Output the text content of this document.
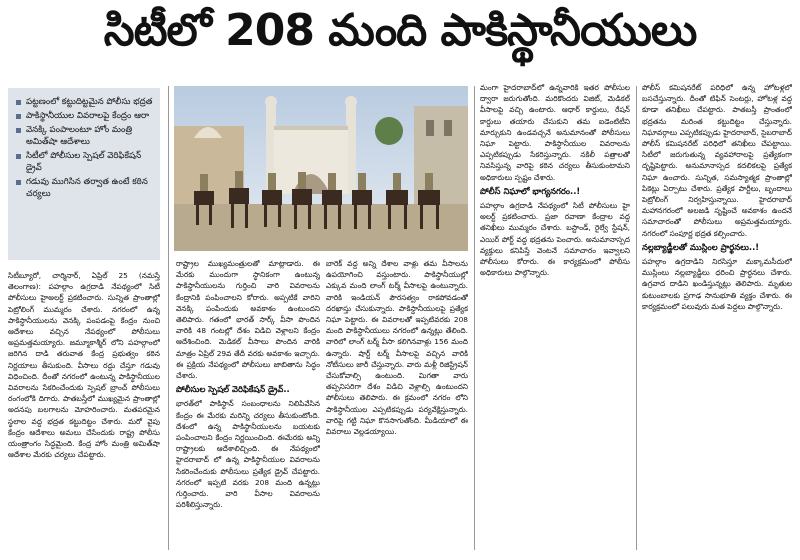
సిటీలో 208 మంది పాకిస్థానీయులు
పట్టణంలో కట్టుదిట్టమైన పోలీసు భద్రత
పాకిస్థానీయుల వివరాలపై కేంద్రం ఆరా
వెనక్కి పంపాలంటూ హోం మంత్రి అమిత్‌షా ఆదేశాలు
సిటీలో పోలీసుల స్పెషల్ వెరిఫికేషన్ డ్రైవ్
గడువు ముగిసిన తర్వాత ఉంటే కఠిన చర్యలు

సిటీబ్యూరో, చార్మినార్, ఏప్రిల్ 25 (నమస్తే తెలంగాణ): పహల్గాం ఉగ్రదాడి నేపథ్యంలో సిటీ పోలీసులు హైఅలర్ట్ ప్రకటించారు. సున్నిత ప్రాంతాల్లో పెట్రోలింగ్ ముమ్మరం చేశారు. నగరంలో ఉన్న పాకిస్థానీయులను వెనక్కి పంపడంపై కేంద్రం నుంచి ఆదేశాలు వచ్చిన నేపథ్యంలో పోలీసులు అప్రమత్తమయ్యారు. జమ్మూకాశ్మీర్ లోని పహల్గాంలో జరిగిన దాడి తరువాత కేంద్ర ప్రభుత్వం కఠిన నిర్ణయాలు తీసుకుంది. వీసాలు రద్దు చేస్తూ గడువు విధించింది. దీంతో నగరంలో ఉంటున్న పాకిస్థానీయుల వివరాలను సేకరించేందుకు స్పెషల్ బ్రాంచ్ పోలీసులు రంగంలోకి దిగారు. పాతబస్తీలో ముఖ్యమైన ప్రాంతాల్లో అదనపు బలగాలను మోహరించారు. మతపరమైన స్థలాల వద్ద భద్రత కట్టుదిట్టం చేశారు. మరో వైపు కేంద్రం ఆదేశాలు అమలు చేసేందుకు రాష్ట్ర పోలీసు యంత్రాంగం సిద్ధమైంది. కేంద్ర హోం మంత్రి అమిత్‌షా ఆదేశాల మేరకు చర్యలు చేపట్టారు.

రాష్ట్రాల ముఖ్యమంత్రులతో మాట్లాడారు. ఈ మేరకు ముందుగా స్థానికంగా ఉంటున్న పాకిస్థానీయులను గుర్తించి వారి వివరాలను కేంద్రానికి పంపించాలని కోరారు. అప్పటికే వారిని వెనక్కి పంపేందుకు అవకాశం ఉంటుందని తెలిపారు. గతంలో భారత్ సార్క్ వీసా పొందిన వారికి 48 గంటల్లో దేశం విడిచి వెళ్లాలని కేంద్రం ఆదేశించింది. మెడికల్ వీసాలు పొందిన వారికి మాత్రం ఏప్రిల్ 29వ తేదీ వరకు అవకాశం ఇచ్చారు. ఈ ప్రక్రియ నేపథ్యంలో పోలీసులు జాబితాను సిద్ధం చేశారు.

పోలీసుల స్పెషల్ వెరిఫికేషన్ డ్రైవ్..

భారత్‌లో పాకిస్థాన్ సంబంధాలను నిలిపివేసిన కేంద్రం ఈ మేరకు మరిన్ని చర్యలు తీసుకుంటోంది. దేశంలో ఉన్న పాకిస్థానీయులను బయటకు పంపించాలని కేంద్రం నిర్ణయించింది. ఈమేరకు అన్ని రాష్ట్రాలకు ఆదేశాలిచ్చింది. ఈ నేపథ్యంలో హైదరాబాద్ లో ఉన్న పాకిస్థానీయుల వివరాలను సేకరించేందుకు పోలీసులు ప్రత్యేక డ్రైవ్ చేపట్టారు. నగరంలో ఇప్పటి వరకు 208 మంది ఉన్నట్లు గుర్తించారు. వారి వీసాల వివరాలను పరిశీలిస్తున్నారు.

బారెక్ వద్ద అన్ని దేశాల వాళ్లు తమ వీసాలను ఉపయోగించి వస్తుంటారు. పాకిస్థానీయుల్లో ఎక్కువ మంది లాంగ్ టర్మ్ వీసాలపై ఉంటున్నారు. వారికి ఇండియన్ పౌరసత్వం రాకపోవడంతో దరఖాస్తు చేసుకున్నారు. పాకిస్థానీయులపై ప్రత్యేక నిఘా పెట్టారు. ఈ వివరాలతో ఇప్పటివరకు 208 మంది పాకిస్థానీయులు నగరంలో ఉన్నట్లు తేలింది. వారిలో లాంగ్ టర్మ్ వీసా కలిగినవాళ్లు 156 మంది ఉన్నారు. షార్ట్ టర్మ్ వీసాలపై వచ్చిన వారికి నోటీసులు జారీ చేస్తున్నారు. వారు మళ్లీ రిజిస్ట్రేషన్ చేసుకోవాల్సి ఉంటుంది. మిగతా వారు తప్పనిసరిగా దేశం విడిచి వెళ్లాల్సి ఉంటుందని పోలీసులు తెలిపారు. ఈ క్రమంలో నగరం లోని పాకిస్థానీయుల ఎప్పటికప్పుడు పర్యవేక్షిస్తున్నారు. వారిపై గట్టి నిఘా కొనసాగుతోంది. మీడియాలో ఈ వివరాలు వెల్లడయ్యాయి.

మంగా హైదరాబాద్‌లో ఉన్నవారికి ఇతర పోలీసుల ద్వారా జరుగుతోంది. మరికొందరు విజిట్, మెడికల్ వీసాలపై వచ్చి ఉంటారు. ఆధార్ కార్డులు, రేషన్ కార్డులు తయారు చేసుకుని తమ ఐడెంటిటీని మార్చుకుని ఉండవచ్చనే అనుమానంతో పోలీసులు నిఘా పెట్టారు. పాకిస్థానీయుల వివరాలను ఎప్పటికప్పుడు సేకరిస్తున్నారు. నకిలీ పత్రాలతో నివసిస్తున్న వారిపై కఠిన చర్యలు తీసుకుంటామని అధికారులు స్పష్టం చేశారు.

పోలీస్ నిఘాలో భాగ్యనగరం..!

పహల్గాం ఉగ్రదాడి నేపథ్యంలో సిటీ పోలీసులు హై అలర్ట్ ప్రకటించారు. ప్రజా రవాణా కేంద్రాల వద్ద తనిఖీలు ముమ్మరం చేశారు. బస్టాండ్, రైల్వే స్టేషన్, ఎయిర్ పోర్ట్ వద్ద భద్రతను పెంచారు. అనుమానాస్పద వ్యక్తులు కనిపిస్తే వెంటనే సమాచారం ఇవ్వాలని పోలీసులు కోరారు. ఈ కార్యక్రమంలో పోలీసు అధికారులు పాల్గొన్నారు.

పోలీస్ కమిషనరేట్ పరిధిలో ఉన్న హోటళ్లలో బసచేస్తున్నారు. దీంతో టిఫిన్ సెంటర్లు, హోటళ్ల వద్ద కూడా తనిఖీలు చేపట్టారు. పాతబస్తీ ప్రాంతంలో భద్రతను మరింత కట్టుదిట్టం చేస్తున్నారు. నిఘావర్గాలు ఎప్పటికప్పుడు హైదరాబాద్, సైబరాబాద్ పోలీస్ కమిషనరేట్ పరిధిలో తనిఖీలు చేపట్టాయి. సిటీలో జరుగుతున్న వ్యవహారాలపై ప్రత్యేకంగా దృష్టిపెట్టారు. అనుమానాస్పద కదలికలపై ప్రత్యేక నిఘా ఉంచారు. సున్నిత, సమస్యాత్మక ప్రాంతాల్లో పికెట్లు ఏర్పాటు చేశారు. ప్రత్యేక పార్టీలు, బృందాలు పెట్రోలింగ్ నిర్వహిస్తున్నాయి. హైదరాబాద్ మహానగరంలో అలజడి సృష్టించే అవకాశం ఉందనే సమాచారంతో పోలీసులు అప్రమత్తమయ్యారు. నగరంలో సంపూర్ణ భద్రత కల్పించారు.

నల్లబ్యాడ్జీలతో ముస్లింల ప్రార్థనలు..!

పహల్గాం ఉగ్రదాడిని నిరసిస్తూ మక్కామసీదులో ముస్లింలు నల్లబ్యాడ్జీలు ధరించి ప్రార్థనలు చేశారు. ఉగ్రవాద దాడిని ఖండిస్తున్నట్లు తెలిపారు. మృతుల కుటుంబాలకు ప్రగాఢ సానుభూతి వ్యక్తం చేశారు. ఈ కార్యక్రమంలో పలువురు మత పెద్దలు పాల్గొన్నారు.
